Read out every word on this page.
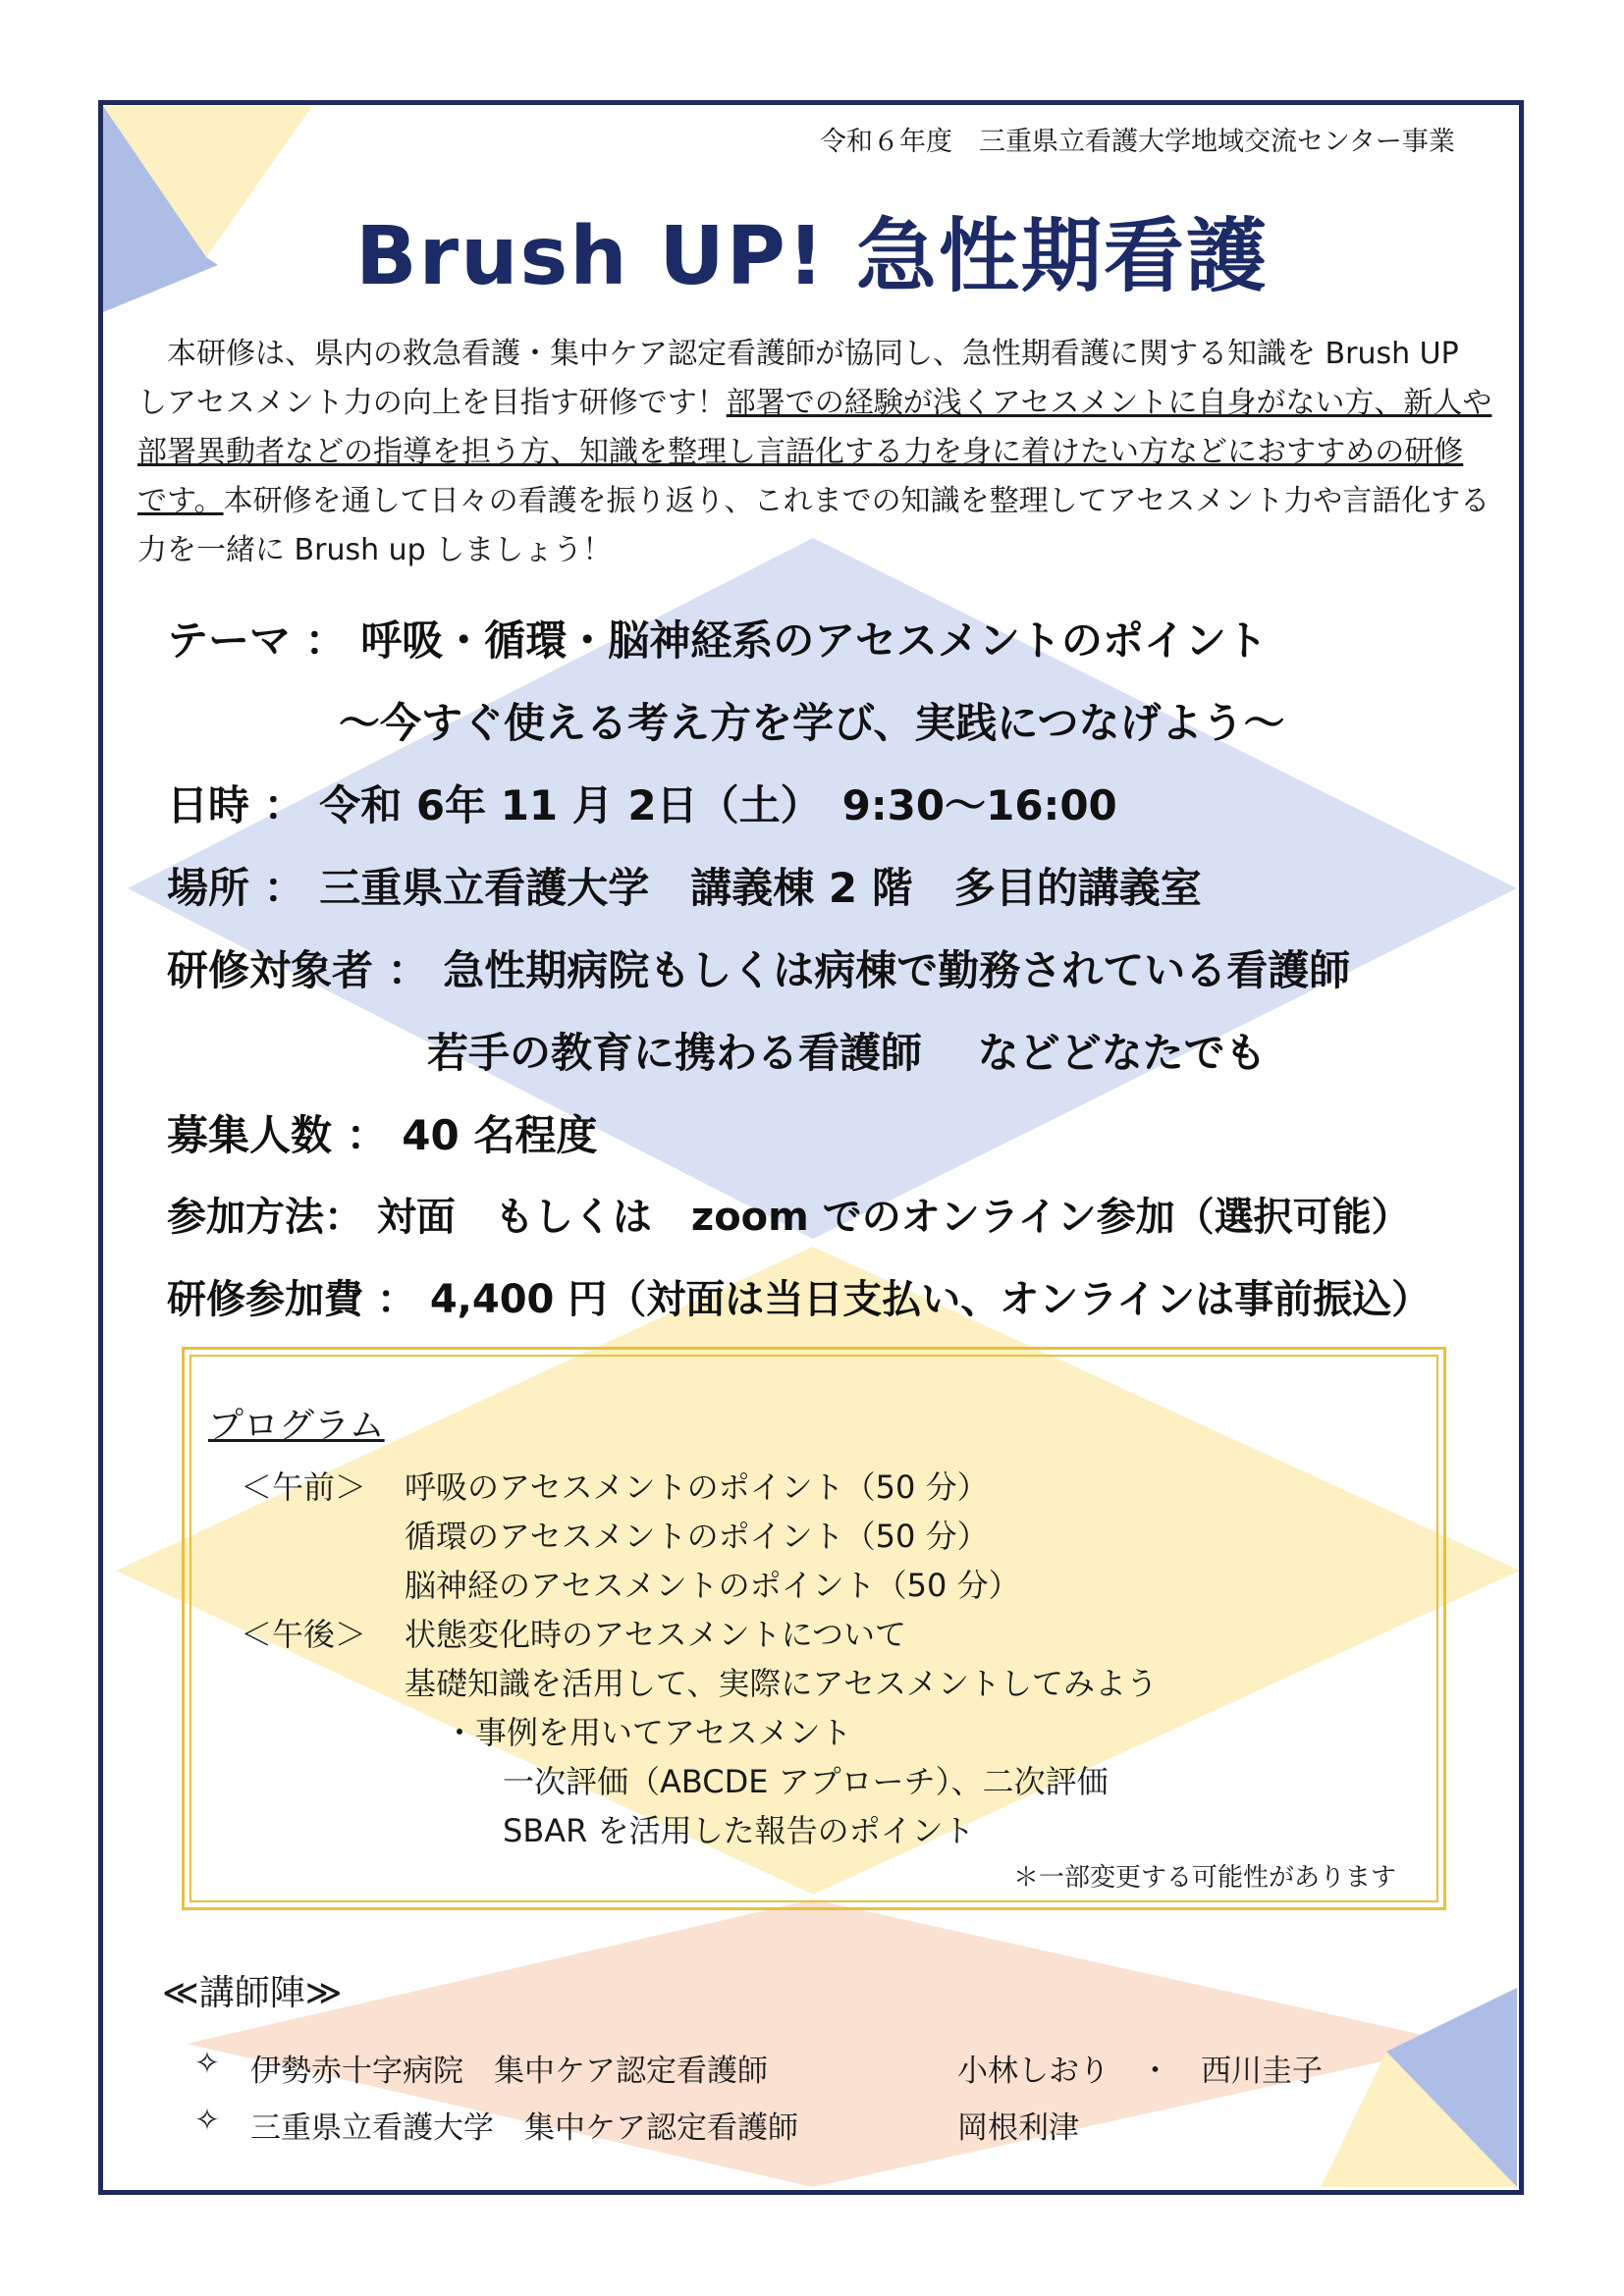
令和６年度　三重県立看護大学地域交流センター事業
Brush UP! 急性期看護
　本研修は、県内の救急看護・集中ケア認定看護師が協同し、急性期看護に関する知識を Brush UP しアセスメント力の向上を目指す研修です！部署での経験が浅くアセスメントに自身がない方、新人や部署異動者などの指導を担う方、知識を整理し言語化する力を身に着けたい方などにおすすめの研修です。本研修を通して日々の看護を振り返り、これまでの知識を整理してアセスメント力や言語化する力を一緒に Brush up しましょう！
テーマ ： 呼吸・循環・脳神経系のアセスメントのポイント
～今すぐ使える考え方を学び、実践につなげよう～
日時 ： 令和 6年 11 月 2日（土）　9:30～16:00
場所 ： 三重県立看護大学　講義棟 2 階　多目的講義室
研修対象者 ： 急性期病院もしくは病棟で勤務されている看護師
若手の教育に携わる看護師　 などどなたでも
募集人数 ： 40 名程度
参加方法： 対面　もしくは　zoom でのオンライン参加（選択可能）
研修参加費 ： 4,400 円（対面は当日支払い、オンラインは事前振込）
プログラム
＜午前＞ 呼吸のアセスメントのポイント（50 分）
循環のアセスメントのポイント（50 分）
脳神経のアセスメントのポイント（50 分）
＜午後＞ 状態変化時のアセスメントについて
基礎知識を活用して、実際にアセスメントしてみよう
・事例を用いてアセスメント
一次評価（ABCDE アプローチ）、二次評価
SBAR を活用した報告のポイント
＊一部変更する可能性があります
≪講師陣≫
✧ 伊勢赤十字病院　集中ケア認定看護師	小林しおり　・　西川圭子
✧ 三重県立看護大学　集中ケア認定看護師	岡根利津
